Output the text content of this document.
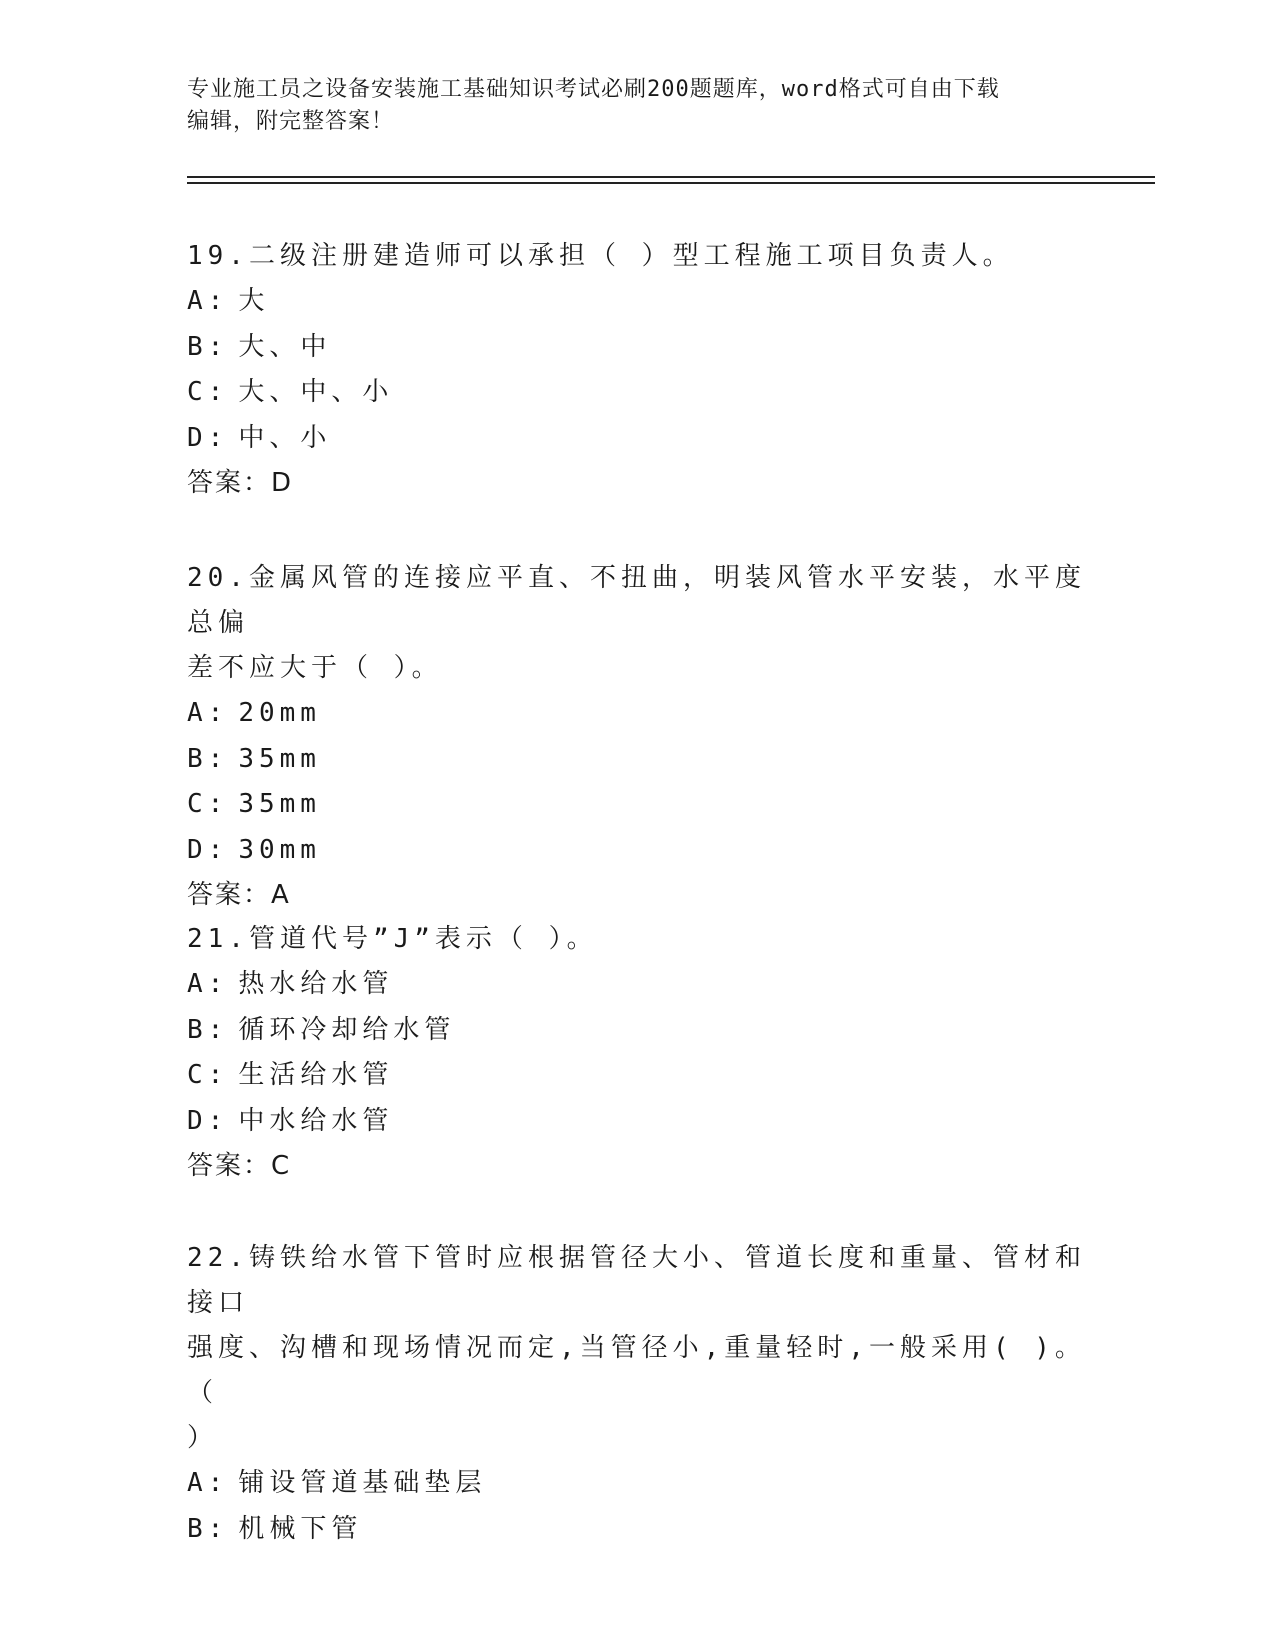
专业施工员之设备安装施工基础知识考试必刷200题题库，word格式可自由下载
编辑，附完整答案！

19.二级注册建造师可以承担（ ）型工程施工项目负责人。

A: 大

B: 大、中

C: 大、中、小

D: 中、小

答案：D

20.金属风管的连接应平直、不扭曲，明装风管水平安装，水平度总偏

差不应大于（ ）。

A: 20mm

B: 35mm

C: 35mm

D: 30mm

答案：A

21.管道代号”J”表示（ ）。

A: 热水给水管

B: 循环冷却给水管

C: 生活给水管

D: 中水给水管

答案：C

22.铸铁给水管下管时应根据管径大小、管道长度和重量、管材和接口

强度、沟槽和现场情况而定,当管径小,重量轻时,一般采用( )。（

）

A: 铺设管道基础垫层

B: 机械下管
